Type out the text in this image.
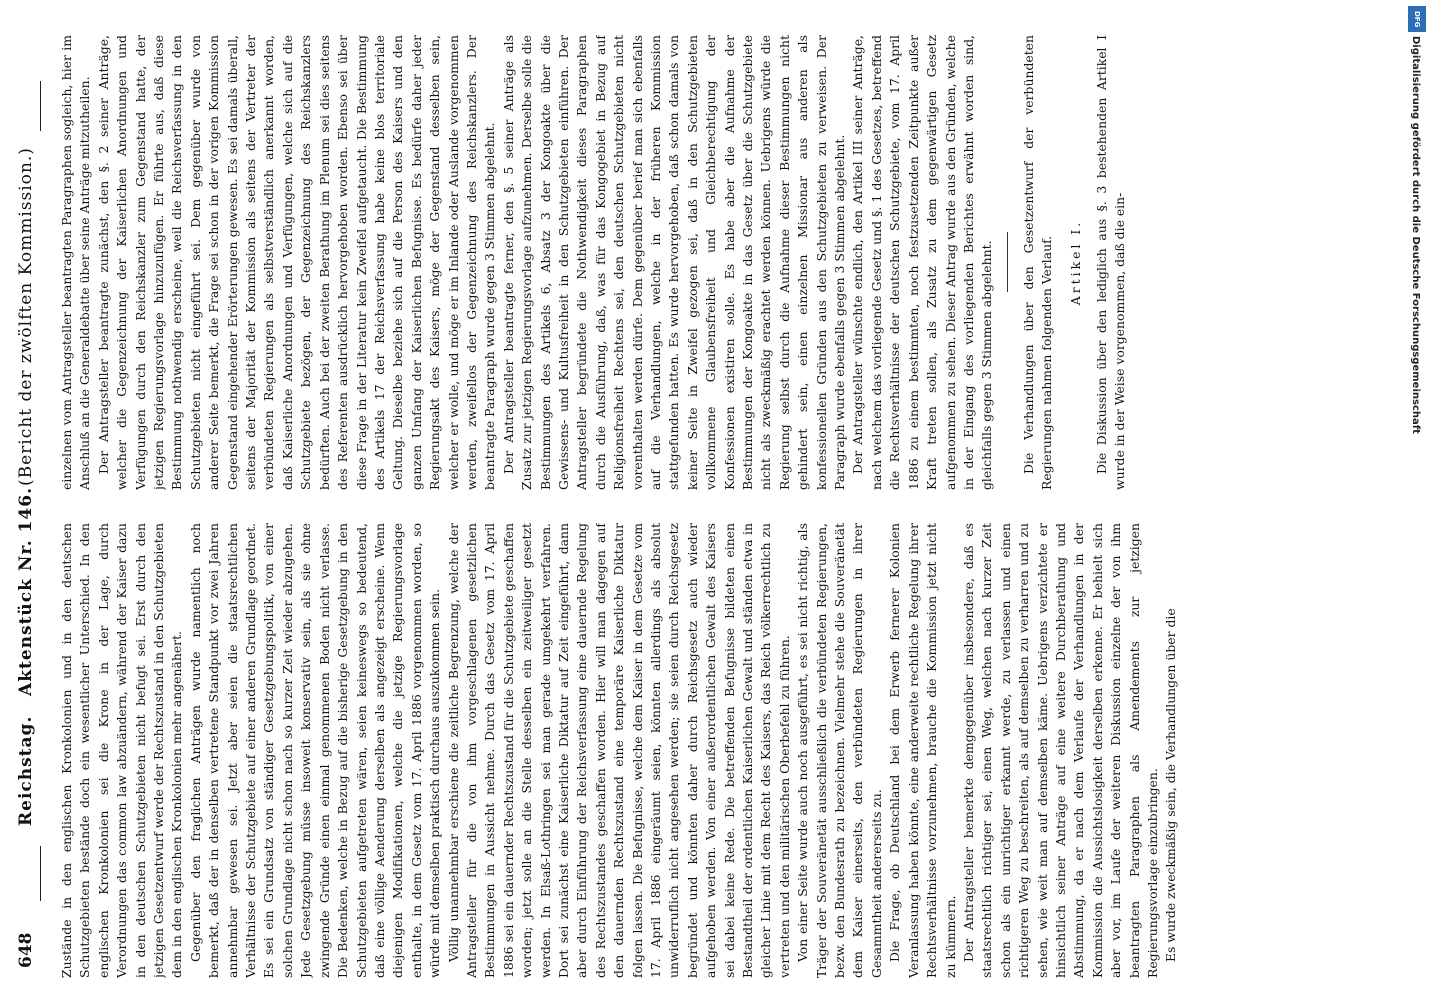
648
Reichstag.
Aktenstück Nr. 146.
(Bericht der zwölften Kommission.)

Zustände in den englischen Kronkolonien und in den deutschen Schutzgebieten bestände doch ein wesentlicher Unterschied. In den englischen Kronkolonien sei die Krone in der Lage, durch Verordnungen das common law abzuändern, während der Kaiser dazu in den deutschen Schutzgebieten nicht befugt sei. Erst durch den jetzigen Gesetzentwurf werde der Rechtszustand in den Schutzgebieten dem in den englischen Kronkolonien mehr angenähert. Gegenüber den fraglichen Anträgen wurde namentlich noch bemerkt, daß der in denselben vertretene Standpunkt vor zwei Jahren annehmbar gewesen sei. Jetzt aber seien die staatsrechtlichen Verhältnisse der Schutzgebiete auf einer anderen Grundlage geordnet. Es sei ein Grundsatz von ständiger Gesetzgebungspolitik, von einer solchen Grundlage nicht schon nach so kurzer Zeit wieder abzugehen. Jede Gesetzgebung müsse insoweit konservativ sein, als sie ohne zwingende Gründe einen einmal genommenen Boden nicht verlasse. Die Bedenken, welche in Bezug auf die bisherige Gesetzgebung in den Schutzgebieten aufgetreten wären, seien keineswegs so bedeutend, daß eine völlige Aenderung derselben als angezeigt erscheine. Wenn diejenigen Modifikationen, welche die jetzige Regierungsvorlage enthalte, in dem Gesetz vom 17. April 1886 vorgenommen worden, so würde mit demselben praktisch durchaus auszukommen sein. Völlig unannehmbar erschiene die zeitliche Begrenzung, welche der Antragsteller für die von ihm vorgeschlagenen gesetzlichen Bestimmungen in Aussicht nehme. Durch das Gesetz vom 17. April 1886 sei ein dauernder Rechtszustand für die Schutzgebiete geschaffen worden; jetzt solle an die Stelle desselben ein zeitweiliger gesetzt werden. In Elsaß-Lothringen sei man gerade umgekehrt verfahren. Dort sei zunächst eine Kaiserliche Diktatur auf Zeit eingeführt, dann aber durch Einführung der Reichsverfassung eine dauernde Regelung des Rechtszustandes geschaffen worden. Hier will man dagegen auf den dauernden Rechtszustand eine temporäre Kaiserliche Diktatur folgen lassen. Die Befugnisse, welche dem Kaiser in dem Gesetze vom 17. April 1886 eingeräumt seien, könnten allerdings als absolut unwiderruflich nicht angesehen werden; sie seien durch Reichsgesetz begründet und könnten daher durch Reichsgesetz auch wieder aufgehoben werden. Von einer außerordentlichen Gewalt des Kaisers sei dabei keine Rede. Die betreffenden Befugnisse bildeten einen Bestandtheil der ordentlichen Kaiserlichen Gewalt und ständen etwa in gleicher Linie mit dem Recht des Kaisers, das Reich völkerrechtlich zu vertreten und den militärischen Oberbefehl zu führen. Von einer Seite wurde auch noch ausgeführt, es sei nicht richtig, als Träger der Souveränetät ausschließlich die verbündeten Regierungen, bezw. den Bundesrath zu bezeichnen. Vielmehr stehe die Souveränetät dem Kaiser einerseits, den verbündeten Regierungen in ihrer Gesammtheit andererseits zu. Die Frage, ob Deutschland bei dem Erwerb fernerer Kolonien Veranlassung haben könnte, eine anderweite rechtliche Regelung ihrer Rechtsverhältnisse vorzunehmen, brauche die Kommission jetzt nicht zu kümmern. Der Antragsteller bemerkte demgegenüber insbesondere, daß es staatsrechtlich richtiger sei, einen Weg, welchen nach kurzer Zeit schon als ein unrichtiger erkannt werde, zu verlassen und einen richtigeren Weg zu beschreiten, als auf demselben zu verharren und zu sehen, wie weit man auf demselben käme. Uebrigens verzichtete er hinsichtlich seiner Anträge auf eine weitere Durchberathung und Abstimmung, da er nach dem Verlaufe der Verhandlungen in der Kommission die Aussichtslosigkeit derselben erkenne. Er behielt sich aber vor, im Laufe der weiteren Diskussion einzelne der von ihm beantragten Paragraphen als Amendements zur jetzigen Regierungsvorlage einzubringen. Es wurde zweckmäßig sein, die Verhandlungen über die

einzelnen vom Antragsteller beantragten Paragraphen sogleich, hier im Anschluß an die Generaldebatte über seine Anträge mitzutheilen. Der Antragsteller beantragte zunächst, den §. 2 seiner Anträge, welcher die Gegenzeichnung der Kaiserlichen Anordnungen und Verfügungen durch den Reichskanzler zum Gegenstand hatte, der jetzigen Regierungsvorlage hinzuzufügen. Er führte aus, daß diese Bestimmung nothwendig erscheine, weil die Reichsverfassung in den Schutzgebieten nicht eingeführt sei. Dem gegenüber wurde von anderer Seite bemerkt, die Frage sei schon in der vorigen Kommission Gegenstand eingehender Erörterungen gewesen. Es sei damals überall, seitens der Majorität der Kommission als seitens der Vertreter der verbündeten Regierungen als selbstverständlich anerkannt worden, daß Kaiserliche Anordnungen und Verfügungen, welche sich auf die Schutzgebiete bezögen, der Gegenzeichnung des Reichskanzlers bedürften. Auch bei der zweiten Berathung im Plenum sei dies seitens des Referenten ausdrücklich hervorgehoben worden. Ebenso sei über diese Frage in der Literatur kein Zweifel aufgetaucht. Die Bestimmung des Artikels 17 der Reichsverfassung habe keine blos territoriale Geltung. Dieselbe beziehe sich auf die Person des Kaisers und den ganzen Umfang der Kaiserlichen Befugnisse. Es bedürfe daher jeder Regierungsakt des Kaisers, möge der Gegenstand desselben sein, welcher er wolle, und möge er im Inlande oder Auslande vorgenommen werden, zweifellos der Gegenzeichnung des Reichskanzlers. Der beantragte Paragraph wurde gegen 3 Stimmen abgelehnt. Der Antragsteller beantragte ferner, den §. 5 seiner Anträge als Zusatz zur jetzigen Regierungsvorlage aufzunehmen. Derselbe solle die Bestimmungen des Artikels 6, Absatz 3 der Kongoakte über die Gewissens- und Kultusfreiheit in den Schutzgebieten einführen. Der Antragsteller begründete die Nothwendigkeit dieses Paragraphen durch die Ausführung, daß, was für das Kongogebiet in Bezug auf Religionsfreiheit Rechtens sei, den deutschen Schutzgebieten nicht vorenthalten werden dürfe. Dem gegenüber berief man sich ebenfalls auf die Verhandlungen, welche in der früheren Kommission stattgefunden hatten. Es wurde hervorgehoben, daß schon damals von keiner Seite in Zweifel gezogen sei, daß in den Schutzgebieten vollkommene Glaubensfreiheit und Gleichberechtigung der Konfessionen existiren solle. Es habe aber die Aufnahme der Bestimmungen der Kongoakte in das Gesetz über die Schutzgebiete nicht als zweckmäßig erachtet werden können. Uebrigens würde die Regierung selbst durch die Aufnahme dieser Bestimmungen nicht gehindert sein, einen einzelnen Missionar aus anderen als konfessionellen Gründen aus den Schutzgebieten zu verweisen. Der Paragraph wurde ebenfalls gegen 3 Stimmen abgelehnt. Der Antragsteller wünschte endlich, den Artikel III seiner Anträge, nach welchem das vorliegende Gesetz und §. 1 des Gesetzes, betreffend die Rechtsverhältnisse der deutschen Schutzgebiete, vom 17. April 1886 zu einem bestimmten, noch festzusetzenden Zeitpunkte außer Kraft treten sollen, als Zusatz zu dem gegenwärtigen Gesetz aufgenommen zu sehen. Dieser Antrag wurde aus den Gründen, welche in der Eingang des vorliegenden Berichtes erwähnt worden sind, gleichfalls gegen 3 Stimmen abgelehnt. Die Verhandlungen über den Gesetzentwurf der verbündeten Regierungen nahmen folgenden Verlauf. Artikel I. Die Diskussion über den lediglich aus §. 3 bestehenden Artikel I wurde in der Weise vorgenommen, daß die ein-

DFG
Digitalisierung gefördert durch die Deutsche Forschungsgemeinschaft
